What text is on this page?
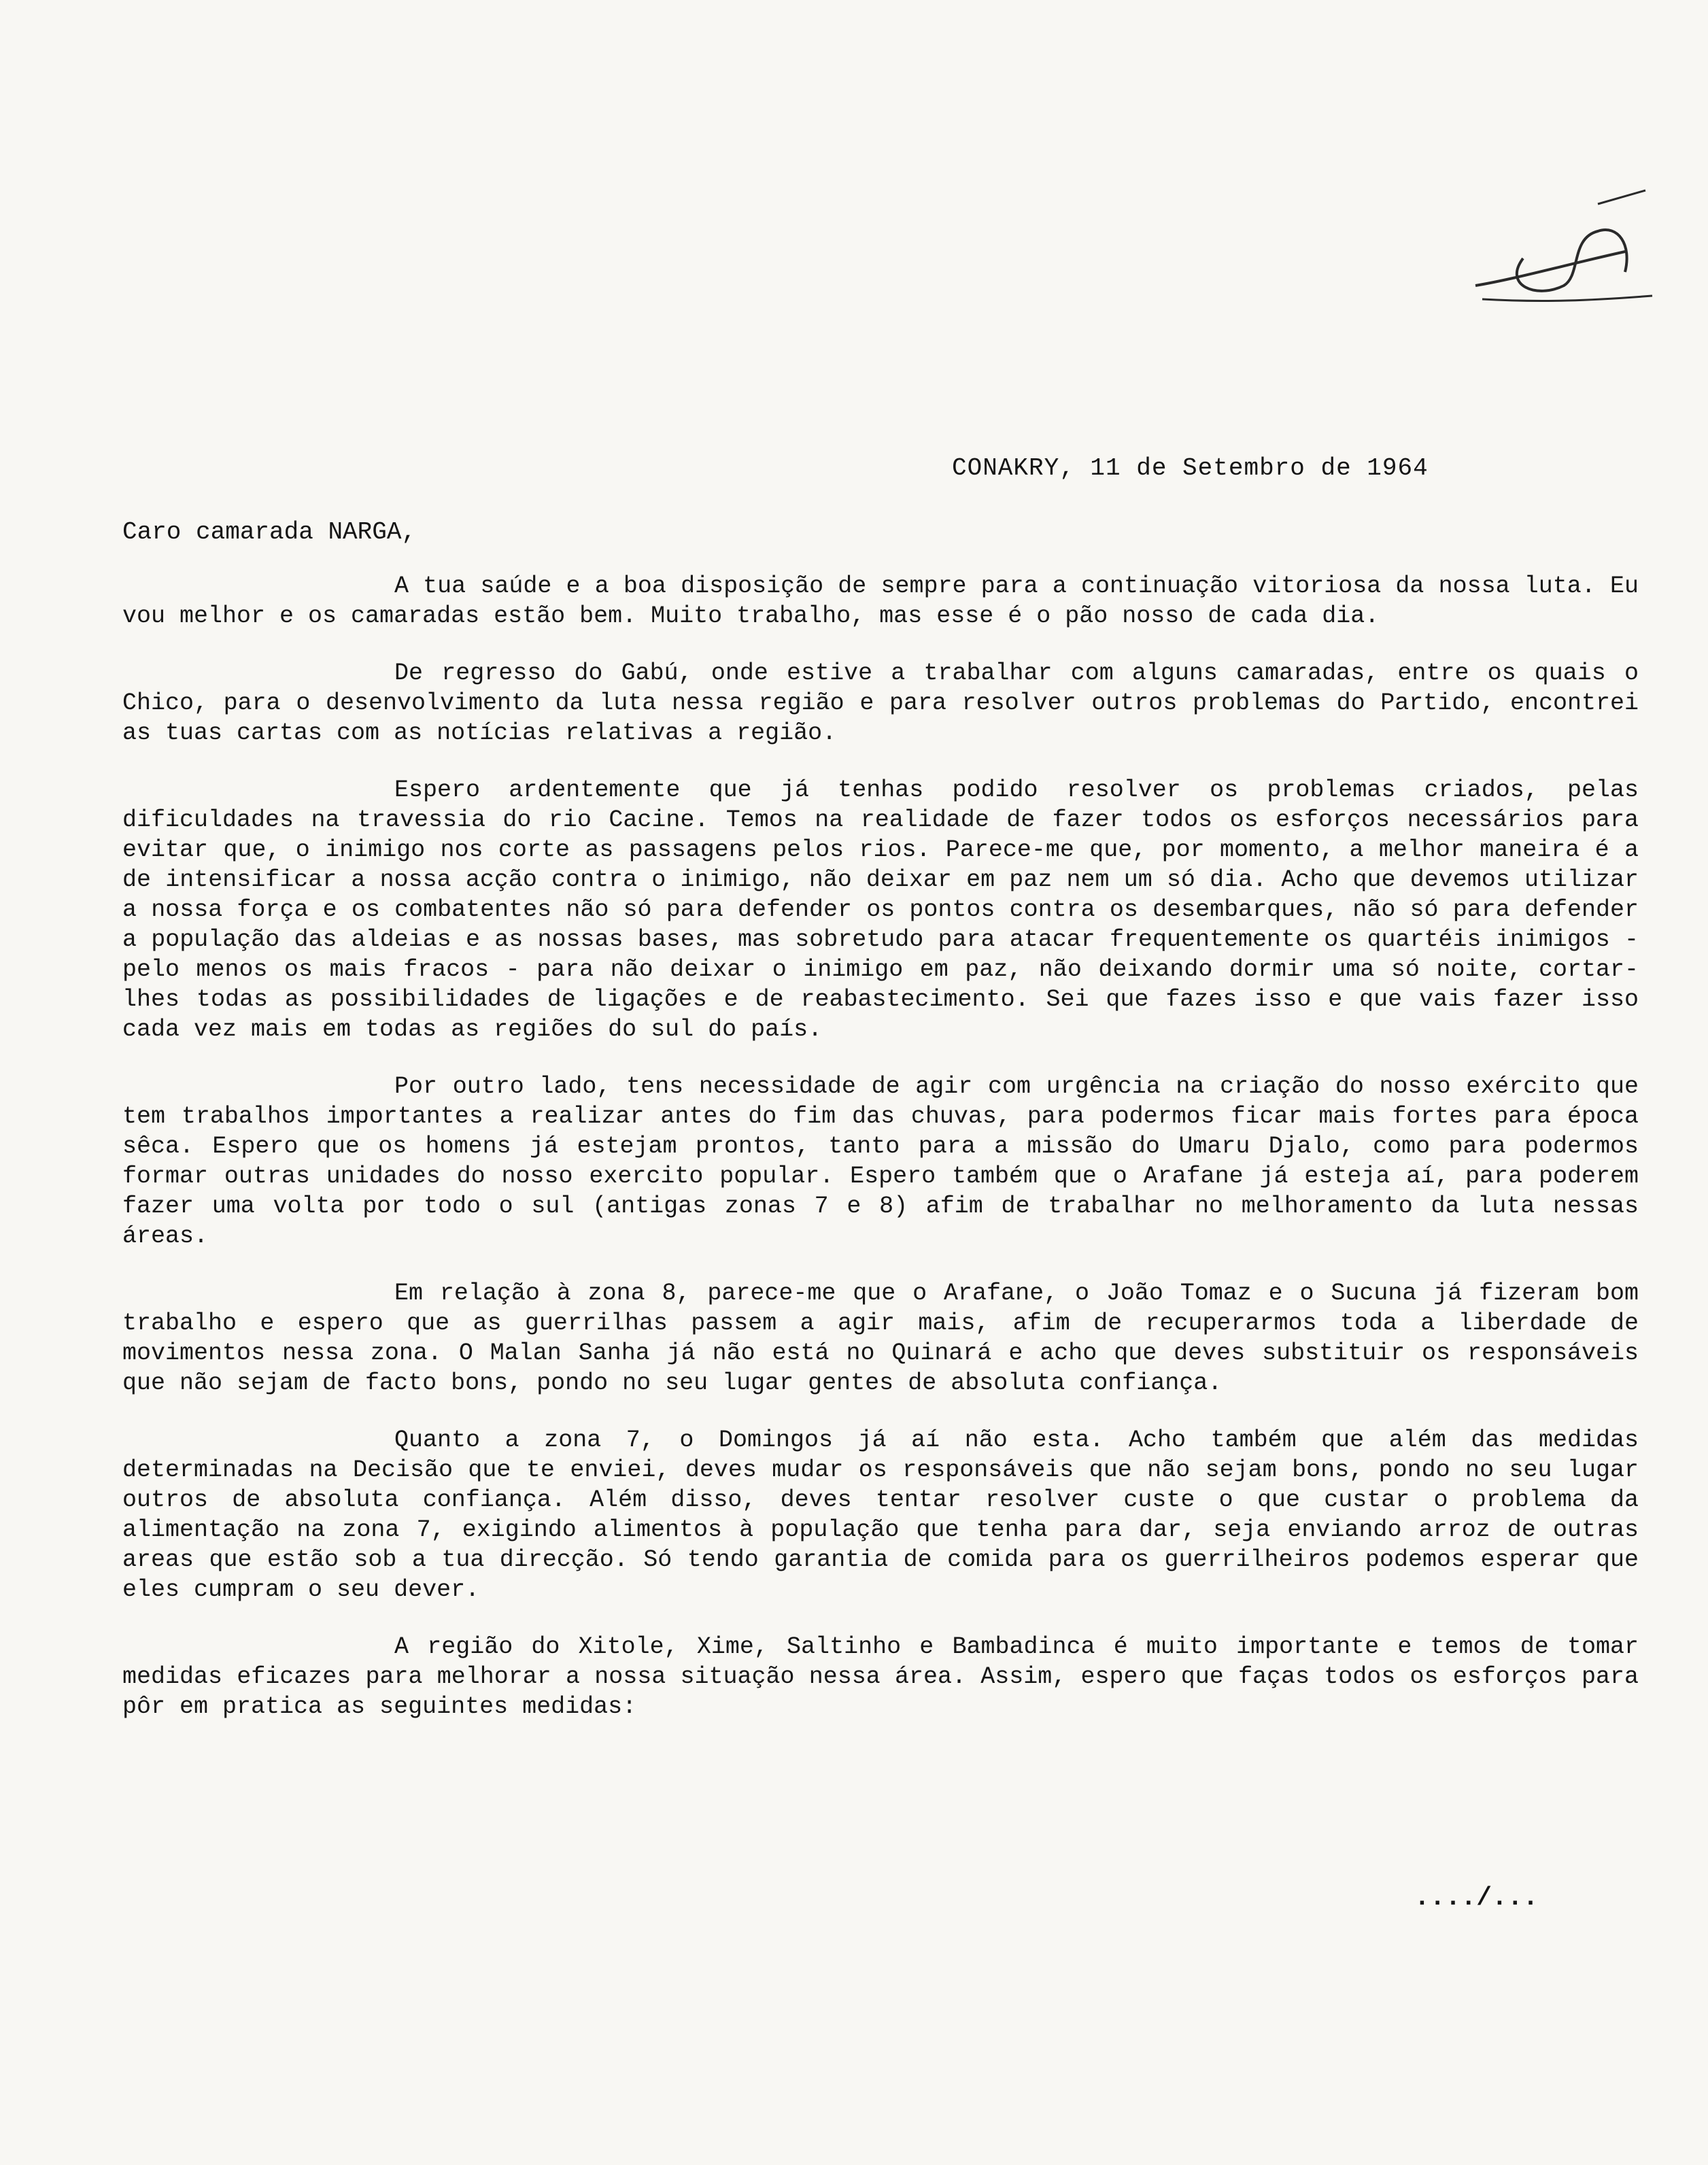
CONAKRY, 11 de Setembro de 1964
Caro camarada NARGA,

A tua saúde e a boa disposição de sempre para a continuação vitoriosa da nossa luta. Eu vou melhor e os camaradas estão bem. Muito trabalho, mas esse é o pão nosso de cada dia.

De regresso do Gabú, onde estive a trabalhar com alguns camaradas, entre os quais o Chico, para o desenvolvimento da luta nessa região e para resolver outros problemas do Partido, encontrei as tuas cartas com as notícias relativas a região.

Espero ardentemente que já tenhas podido resolver os problemas criados, pelas dificuldades na travessia do rio Cacine. Temos na realidade de fazer todos os esforços necessários para evitar que, o inimigo nos corte as passagens pelos rios. Parece-me que, por momento, a melhor maneira é a de intensificar a nossa acção contra o inimigo, não deixar em paz nem um só dia. Acho que devemos utilizar a nossa força e os combatentes não só para defender os pontos contra os desembarques, não só para defender a população das aldeias e as nossas bases, mas sobretudo para atacar frequentemente os quartéis inimigos - pelo menos os mais fracos - para não deixar o inimigo em paz, não deixando dormir uma só noite, cortar-lhes todas as possibilidades de ligações e de reabastecimento. Sei que fazes isso e que vais fazer isso cada vez mais em todas as regiões do sul do país.

Por outro lado, tens necessidade de agir com urgência na criação do nosso exército que tem trabalhos importantes a realizar antes do fim das chuvas, para podermos ficar mais fortes para época sêca. Espero que os homens já estejam prontos, tanto para a missão do Umaru Djalo, como para podermos formar outras unidades do nosso exercito popular. Espero também que o Arafane já esteja aí, para poderem fazer uma volta por todo o sul (antigas zonas 7 e 8) afim de trabalhar no melhoramento da luta nessas áreas.

Em relação à zona 8, parece-me que o Arafane, o João Tomaz e o Sucuna já fizeram bom trabalho e espero que as guerrilhas passem a agir mais, afim de recuperarmos toda a liberdade de movimentos nessa zona. O Malan Sanha já não está no Quinará e acho que deves substituir os responsáveis que não sejam de facto bons, pondo no seu lugar gentes de absoluta confiança.

Quanto a zona 7, o Domingos já aí não esta. Acho também que além das medidas determinadas na Decisão que te enviei, deves mudar os responsáveis que não sejam bons, pondo no seu lugar outros de absoluta confiança. Além disso, deves tentar resolver custe o que custar o problema da alimentação na zona 7, exigindo alimentos à população que tenha para dar, seja enviando arroz de outras areas que estão sob a tua direcção. Só tendo garantia de comida para os guerrilheiros podemos esperar que eles cumpram o seu dever.

A região do Xitole, Xime, Saltinho e Bambadinca é muito importante e temos de tomar medidas eficazes para melhorar a nossa situação nessa área. Assim, espero que faças todos os esforços para pôr em pratica as seguintes medidas:

..../...
